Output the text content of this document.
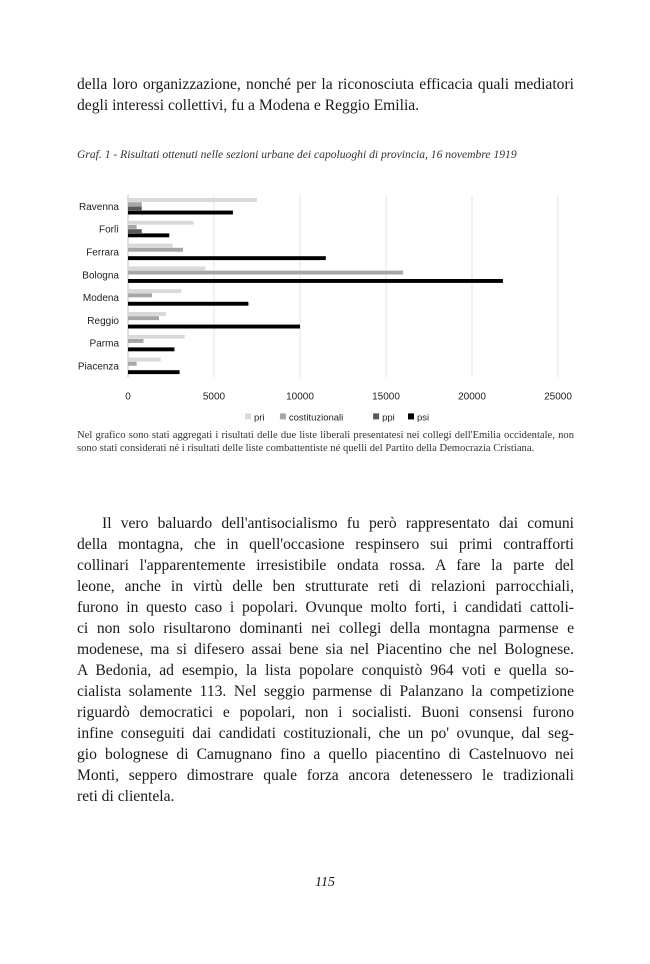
della loro organizzazione, nonché per la riconosciuta efficacia quali mediatori degli interessi collettivi, fu a Modena e Reggio Emilia.

Graf. 1 - Risultati ottenuti nelle sezioni urbane dei capoluoghi di provincia, 16 novembre 1919

Ravenna
Forlì
Ferrara
Bologna
Modena
Reggio
Parma
Piacenza
0	5000	10000	15000	20000	25000
pri	costituzionali	ppi psi

Nel grafico sono stati aggregati i risultati delle due liste liberali presentatesi nei collegi dell'Emilia occidentale, non sono stati considerati né i risultati delle liste combattentiste né quelli del Partito della Democrazia Cristiana.

Il vero baluardo dell'antisocialismo fu però rappresentato dai comuni
della montagna, che in quell'occasione respinsero sui primi contrafforti
collinari l'apparentemente irresistibile ondata rossa. A fare la parte del
leone, anche in virtù delle ben strutturate reti di relazioni parrocchiali,
furono in questo caso i popolari. Ovunque molto forti, i candidati cattoli-
ci non solo risultarono dominanti nei collegi della montagna parmense e
modenese, ma si difesero assai bene sia nel Piacentino che nel Bolognese.
A Bedonia, ad esempio, la lista popolare conquistò 964 voti e quella so-
cialista solamente 113. Nel seggio parmense di Palanzano la competizione
riguardò democratici e popolari, non i socialisti. Buoni consensi furono
infine conseguiti dai candidati costituzionali, che un po' ovunque, dal seg-
gio bolognese di Camugnano fino a quello piacentino di Castelnuovo nei
Monti, seppero dimostrare quale forza ancora detenessero le tradizionali
reti di clientela.

115
